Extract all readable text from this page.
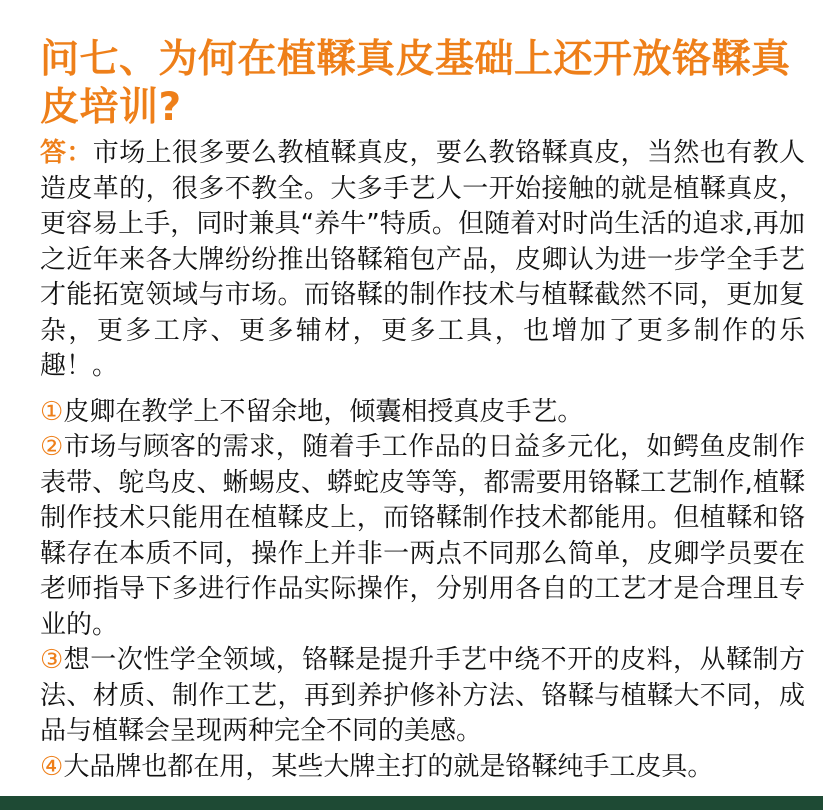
问七、为何在植鞣真皮基础上还开放铬鞣真皮培训?

答：市场上很多要么教植鞣真皮，要么教铬鞣真皮，当然也有教人造皮革的，很多不教全。大多手艺人一开始接触的就是植鞣真皮，更容易上手，同时兼具“养牛”特质。但随着对时尚生活的追求,再加之近年来各大牌纷纷推出铬鞣箱包产品，皮卿认为进一步学全手艺才能拓宽领域与市场。而铬鞣的制作技术与植鞣截然不同，更加复杂，更多工序、更多辅材，更多工具，也增加了更多制作的乐趣！。

①皮卿在教学上不留余地，倾囊相授真皮手艺。

②市场与顾客的需求，随着手工作品的日益多元化，如鳄鱼皮制作表带、鸵鸟皮、蜥蜴皮、蟒蛇皮等等，都需要用铬鞣工艺制作,植鞣制作技术只能用在植鞣皮上，而铬鞣制作技术都能用。但植鞣和铬鞣存在本质不同，操作上并非一两点不同那么简单，皮卿学员要在老师指导下多进行作品实际操作，分别用各自的工艺才是合理且专业的。

③想一次性学全领域，铬鞣是提升手艺中绕不开的皮料，从鞣制方法、材质、制作工艺，再到养护修补方法、铬鞣与植鞣大不同，成品与植鞣会呈现两种完全不同的美感。

④大品牌也都在用，某些大牌主打的就是铬鞣纯手工皮具。
